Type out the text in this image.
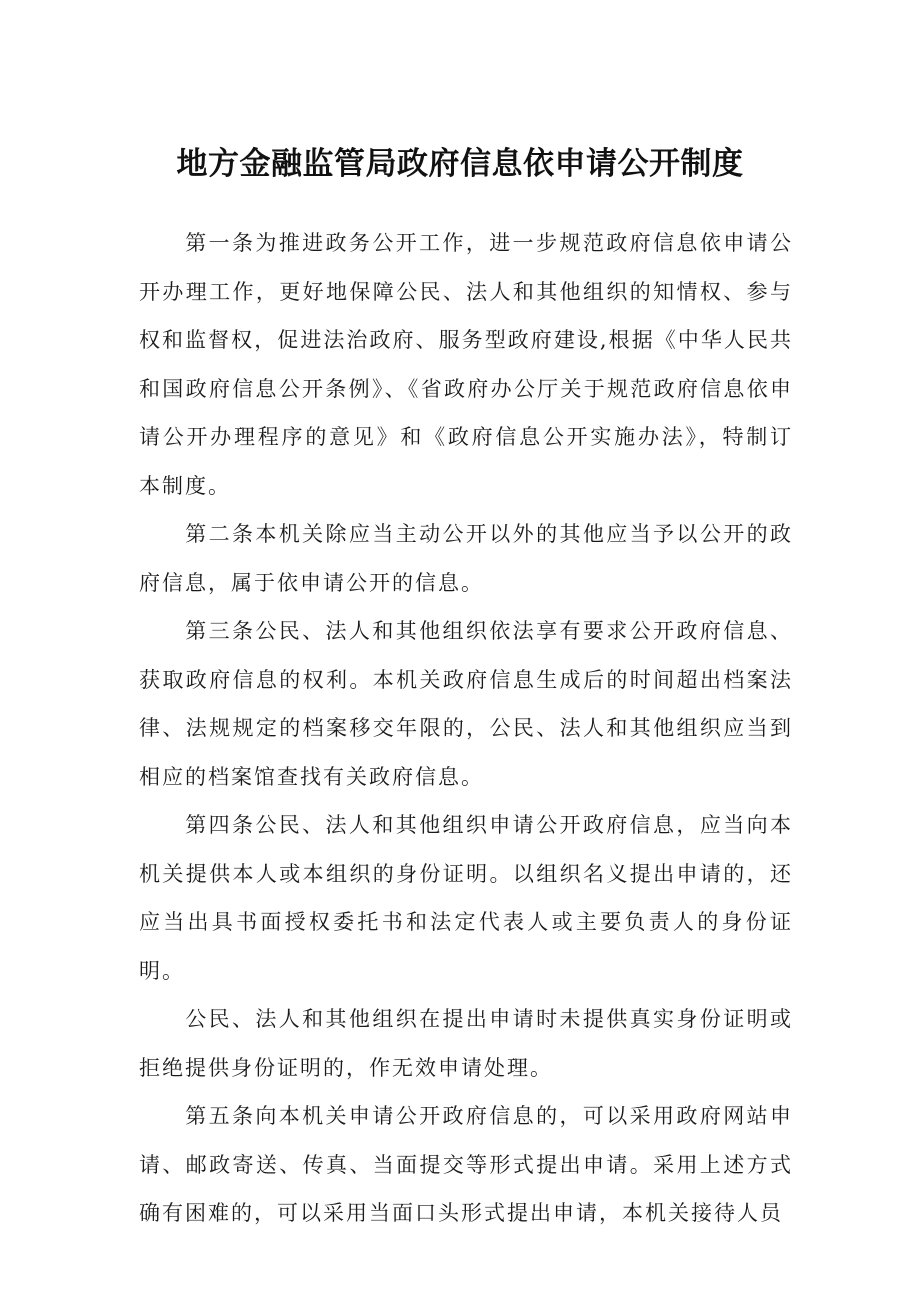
地方金融监管局政府信息依申请公开制度

第一条为推进政务公开工作，进一步规范政府信息依申请公开办理工作，更好地保障公民、法人和其他组织的知情权、参与权和监督权，促进法治政府、服务型政府建设,根据《中华人民共和国政府信息公开条例》、《省政府办公厅关于规范政府信息依申请公开办理程序的意见》和《政府信息公开实施办法》，特制订本制度。

第二条本机关除应当主动公开以外的其他应当予以公开的政府信息，属于依申请公开的信息。

第三条公民、法人和其他组织依法享有要求公开政府信息、获取政府信息的权利。本机关政府信息生成后的时间超出档案法律、法规规定的档案移交年限的，公民、法人和其他组织应当到相应的档案馆查找有关政府信息。

第四条公民、法人和其他组织申请公开政府信息，应当向本机关提供本人或本组织的身份证明。以组织名义提出申请的，还应当出具书面授权委托书和法定代表人或主要负责人的身份证明。

公民、法人和其他组织在提出申请时未提供真实身份证明或拒绝提供身份证明的，作无效申请处理。

第五条向本机关申请公开政府信息的，可以采用政府网站申请、邮政寄送、传真、当面提交等形式提出申请。采用上述方式确有困难的，可以采用当面口头形式提出申请，本机关接待人员
